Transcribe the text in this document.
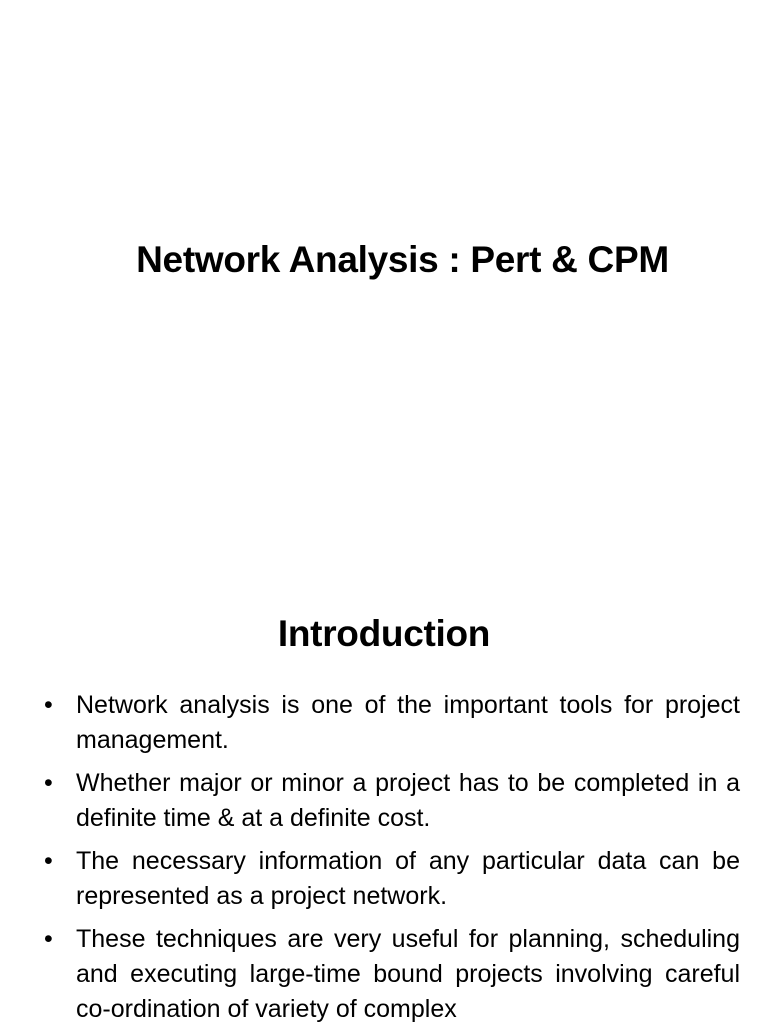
Network Analysis : Pert & CPM
Introduction
• Network analysis is one of the important tools for project management.
• Whether major or minor a project has to be completed in a definite time & at a definite cost.
• The necessary information of any particular data can be represented as a project network.
• These techniques are very useful for planning, scheduling and executing large-time bound projects involving careful co-ordination of variety of complex
